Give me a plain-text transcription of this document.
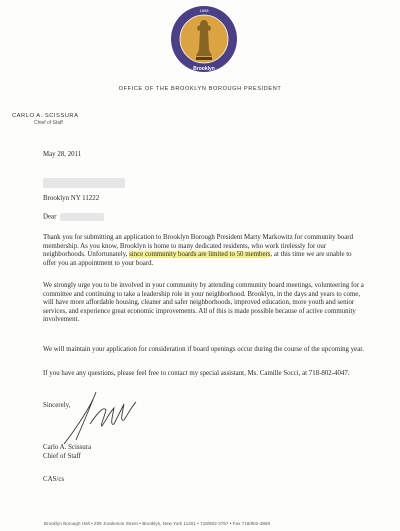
1898
Brooklyn
OFFICE OF THE BROOKLYN BOROUGH PRESIDENT
CARLO A. SCISSURA
Chief of Staff
May 28, 2011
Brooklyn NY 11222
Dear
Thank you for submitting an application to Brooklyn Borough President Marty Markowitz for community board membership. As you know, Brooklyn is home to many dedicated residents, who work tirelessly for our neighborhoods. Unfortunately, since community boards are limited to 50 members, at this time we are unable to offer you an appointment to your board.
We strongly urge you to be involved in your community by attending community board meetings, volunteering for a committee and continuing to take a leadership role in your neighborhood. Brooklyn, in the days and years to come, will have more affordable housing, cleaner and safer neighborhoods, improved education, more youth and senior services, and experience great economic improvements. All of this is made possible because of active community involvement.
We will maintain your application for consideration if board openings occur during the course of the upcoming year.
If you have any questions, please feel free to contact my special assistant, Ms. Camille Socci, at 718-802-4047.
Sincerely,
Carlo A. Scissura
Chief of Staff
CAS/cs
Brooklyn Borough Hall • 209 Joralemon Street • Brooklyn, New York 11201 • 718/802-3757 • Fax 718/802-3959
